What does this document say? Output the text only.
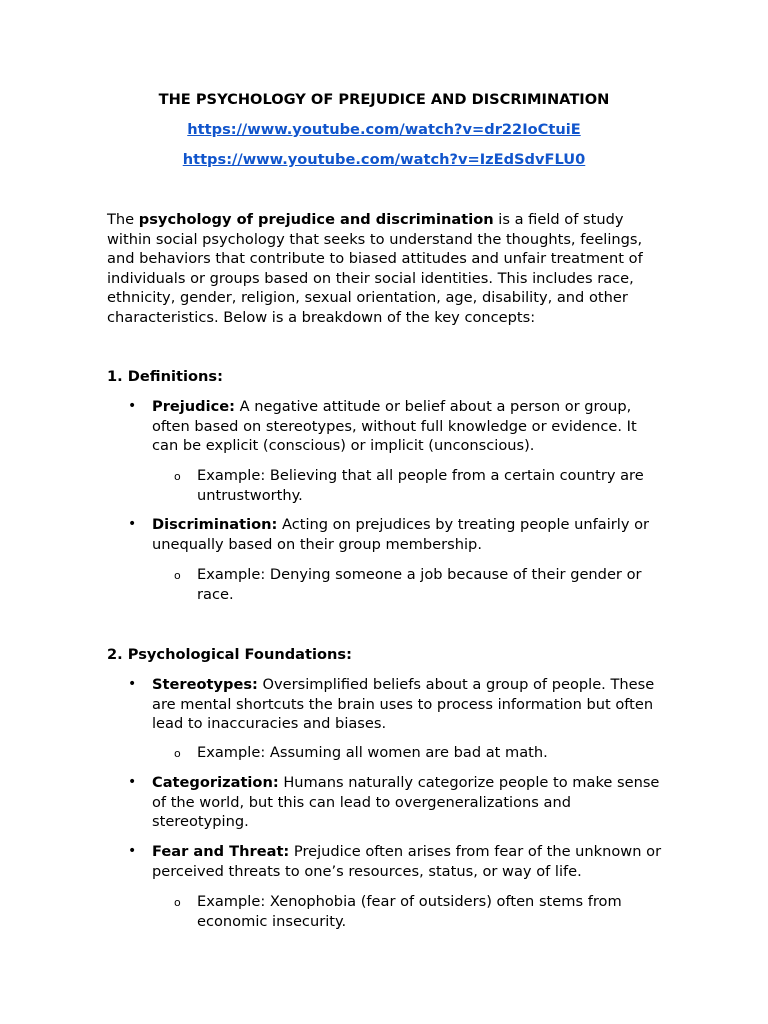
THE PSYCHOLOGY OF PREJUDICE AND DISCRIMINATION
https://www.youtube.com/watch?v=dr22IoCtuiE
https://www.youtube.com/watch?v=IzEdSdvFLU0
The psychology of prejudice and discrimination is a field of study within social psychology that seeks to understand the thoughts, feelings, and behaviors that contribute to biased attitudes and unfair treatment of individuals or groups based on their social identities. This includes race, ethnicity, gender, religion, sexual orientation, age, disability, and other characteristics. Below is a breakdown of the key concepts:
1. Definitions:
• Prejudice: A negative attitude or belief about a person or group, often based on stereotypes, without full knowledge or evidence. It can be explicit (conscious) or implicit (unconscious).
o Example: Believing that all people from a certain country are untrustworthy.
• Discrimination: Acting on prejudices by treating people unfairly or unequally based on their group membership.
o Example: Denying someone a job because of their gender or race.
2. Psychological Foundations:
• Stereotypes: Oversimplified beliefs about a group of people. These are mental shortcuts the brain uses to process information but often lead to inaccuracies and biases.
o Example: Assuming all women are bad at math.
• Categorization: Humans naturally categorize people to make sense of the world, but this can lead to overgeneralizations and stereotyping.
• Fear and Threat: Prejudice often arises from fear of the unknown or perceived threats to one’s resources, status, or way of life.
o Example: Xenophobia (fear of outsiders) often stems from economic insecurity.
